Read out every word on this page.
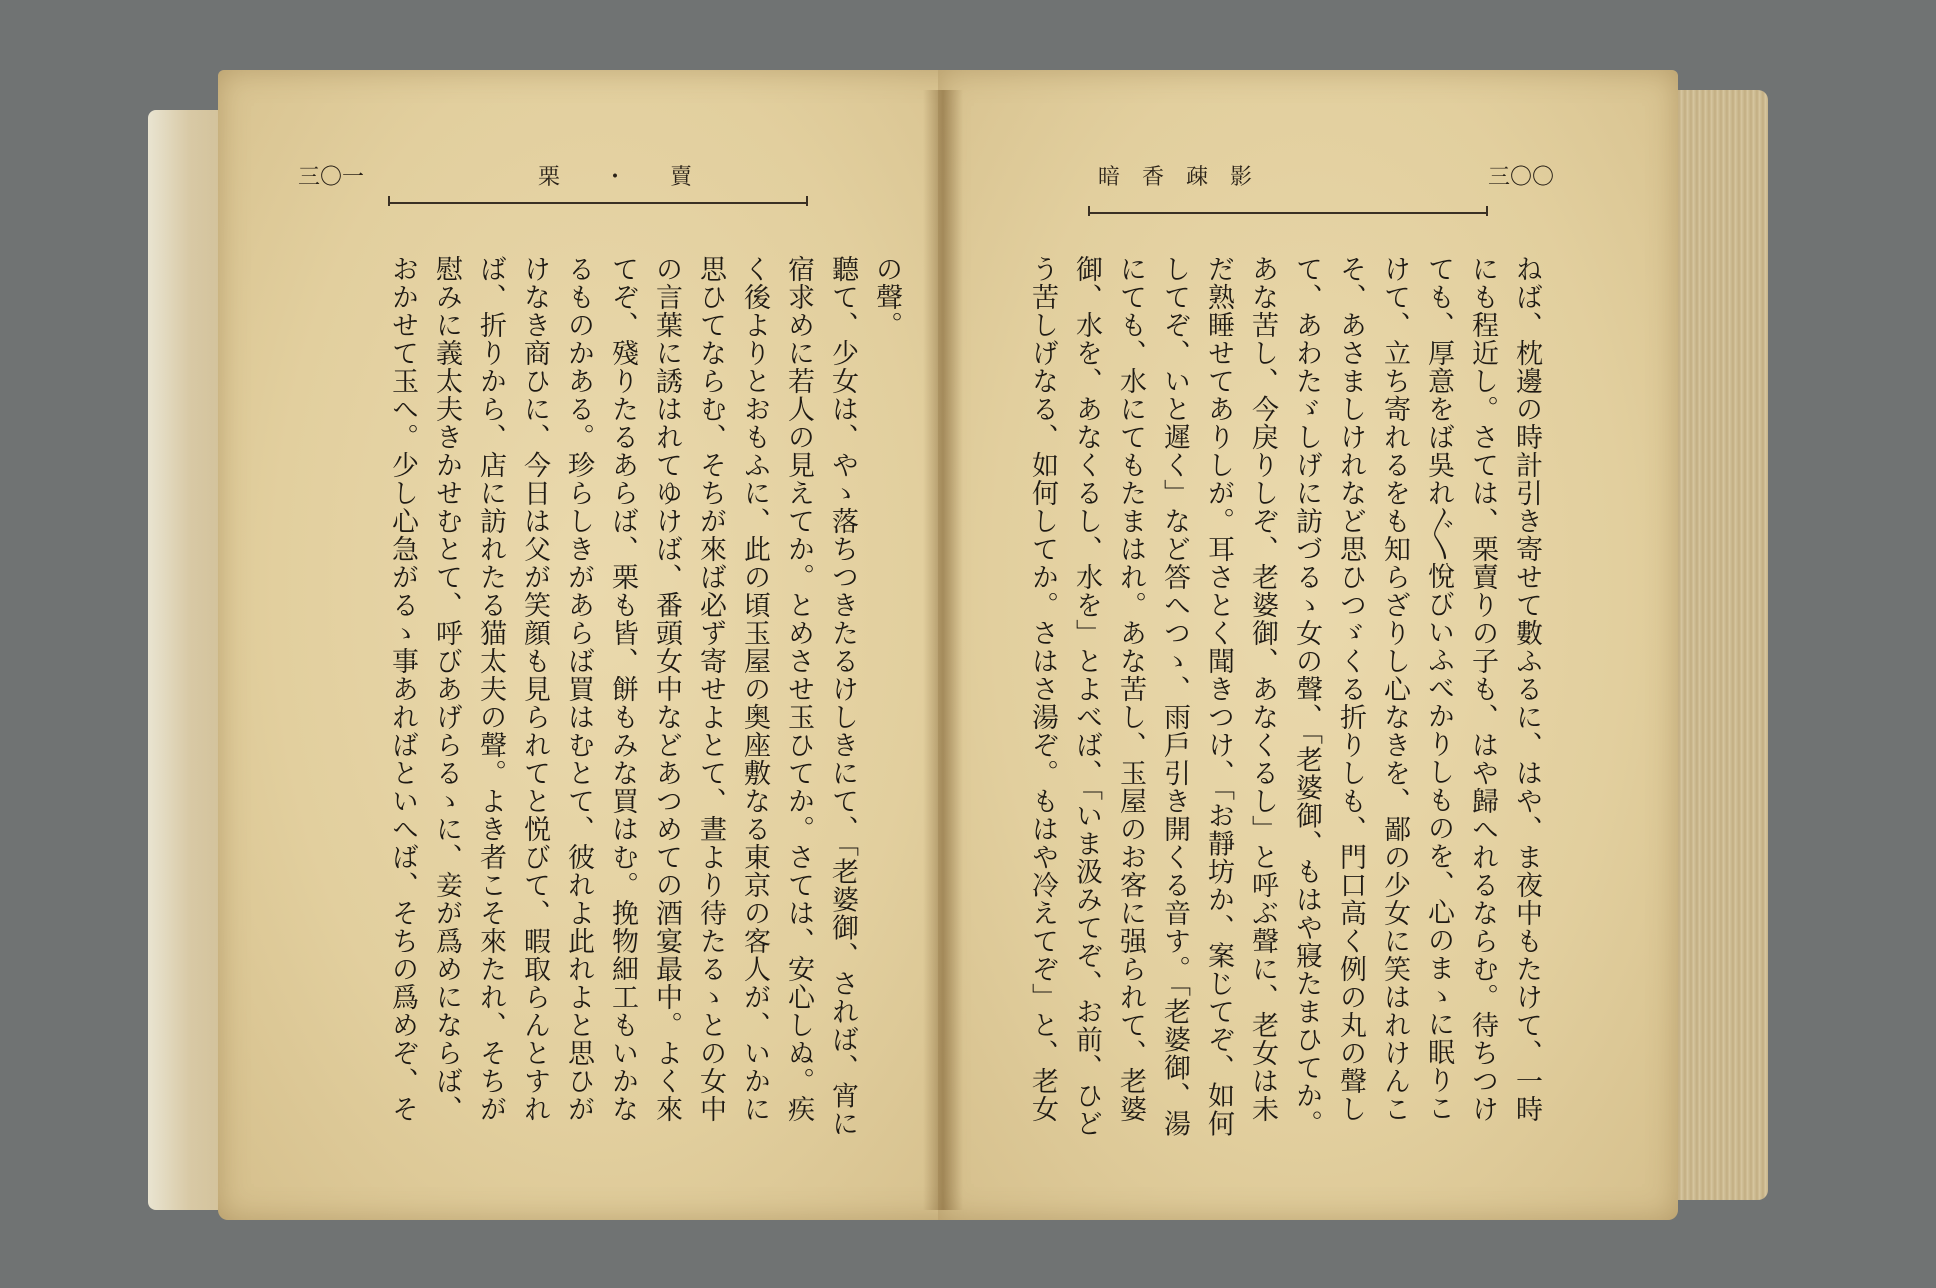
三〇一	栗　　・　　賣
の聲。
聽て、少女は、やゝ落ちつきたるけしきにて、「老婆御、されば、宵に
宿求めに若人の見えてか。とめさせ玉ひてか。さては、安心しぬ。疾
く後よりとおもふに、此の頃玉屋の奥座敷なる東京の客人が、いかに
思ひてならむ、そちが來ば必ず寄せよとて、晝より待たるゝとの女中
の言葉に誘はれてゆけば、番頭女中などあつめての酒宴最中。よく來
てぞ、殘りたるあらば、栗も皆、餅もみな買はむ。挽物細工もいかな
るものかある。珍らしきがあらば買はむとて、彼れよ此れよと思ひが
けなき商ひに、今日は父が笑顔も見られてと悦びて、暇取らんとすれ
ば、折りから、店に訪れたる猫太夫の聲。よき者こそ來たれ、そちが
慰みに義太夫きかせむとて、呼びあげらるゝに、妾が爲めにならば、
おかせて玉へ。少し心急がるゝ事あればといへば、そちの爲めぞ、そ
暗　香　疎　影	三〇〇
ねば、枕邊の時計引き寄せて數ふるに、はや、ま夜中もたけて、一時
にも程近し。さては、栗賣りの子も、はや歸へれるならむ。待ちつけ
ても、厚意をば吳れ〴〵悅びいふべかりしものを、心のまゝに眠りこ
けて、立ち寄れるをも知らざりし心なきを、鄙の少女に笑はれけんこ
そ、あさましけれなど思ひつゞくる折りしも、門口高く例の丸の聲し
て、あわたゞしげに訪づるゝ女の聲、「老婆御、もはや寢たまひてか。
あな苦し、今戾りしぞ、老婆御、あなくるし」と呼ぶ聲に、老女は未
だ熟睡せてありしが。耳さとく聞きつけ、「お靜坊か、案じてぞ、如何
してぞ、いと遲く」など答へつゝ、雨戶引き開くる音す。「老婆御、湯
にても、水にてもたまはれ。あな苦し、玉屋のお客に强られて、老婆
御、水を、あなくるし、水を」とよべば、「いま汲みてぞ、お前、ひど
う苦しげなる、如何してか。さはさ湯ぞ。もはや冷えてぞ」と、老女
